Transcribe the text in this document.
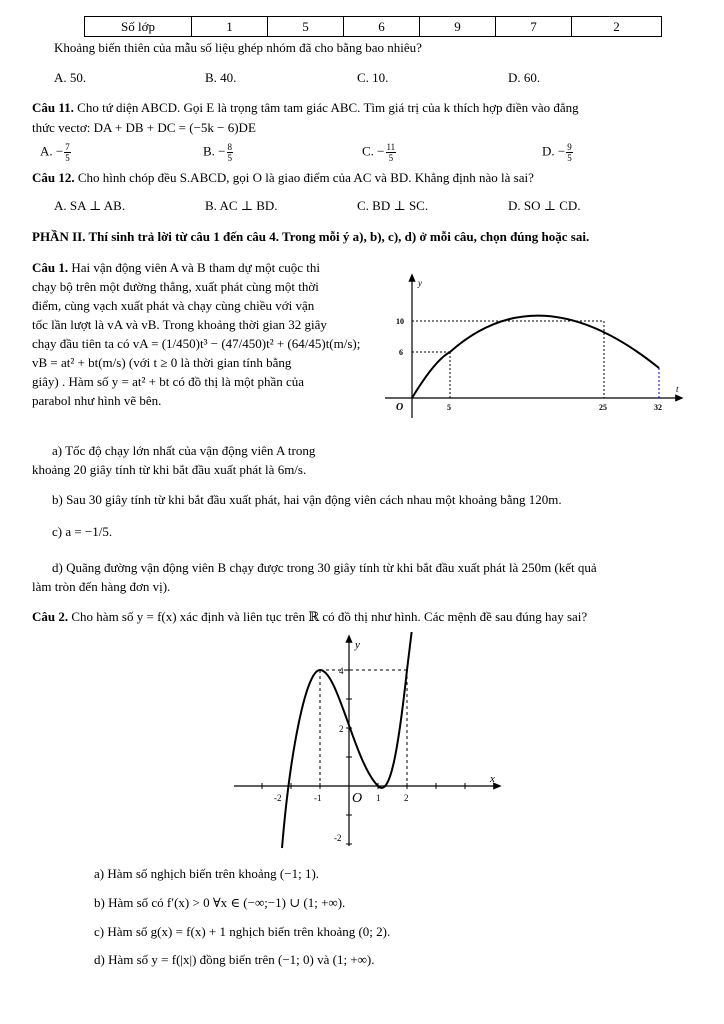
Số lớp	1	5	6	9	7	2
Khoảng biến thiên của mẫu số liệu ghép nhóm đã cho bằng bao nhiêu?
A. 50.	B. 40.	C. 10.	D. 60.
Câu 11. Cho tứ diện ABCD. Gọi E là trọng tâm tam giác ABC. Tìm giá trị của k thích hợp điền vào đẳng
thức vectơ: DA + DB + DC = (−5k − 6)DE
A. − $\frac{7}{5}$	B. − $\frac{8}{5}$	C. − $\frac{11}{5}$	D. − $\frac{9}{5}$
Câu 12. Cho hình chóp đều S.ABCD, gọi O là giao điểm của AC và BD. Khẳng định nào là sai?
A. SA ⊥ AB.	B. AC ⊥ BD.	C. BD ⊥ SC.	D. SO ⊥ CD.
PHẦN II. Thí sinh trả lời từ câu 1 đến câu 4. Trong mỗi ý a), b), c), d) ở mỗi câu, chọn đúng hoặc sai.
Câu 1. Hai vận động viên A và B tham dự một cuộc thi
chạy bộ trên một đường thẳng, xuất phát cùng một thời
điểm, cùng vạch xuất phát và chạy cùng chiều với vận
tốc lần lượt là vA và vB. Trong khoảng thời gian 32 giây
chạy đầu tiên ta có vA = (1/450)t³ − (47/450)t² + (64/45)t(m/s);
vB = at² + bt(m/s) (với t ≥ 0 là thời gian tính bằng
giây) . Hàm số y = at² + bt có đồ thị là một phần của
parabol như hình vẽ bên.
y
t
O
10
6
5	25	32
a) Tốc độ chạy lớn nhất của vận động viên A trong
khoảng 20 giây tính từ khi bắt đầu xuất phát là 6m/s.
b) Sau 30 giây tính từ khi bắt đầu xuất phát, hai vận động viên cách nhau một khoảng bằng 120m.
c) a = −1/5.
d) Quãng đường vận động viên B chạy được trong 30 giây tính từ khi bắt đầu xuất phát là 250m (kết quả
làm tròn đến hàng đơn vị).
Câu 2. Cho hàm số y = f(x) xác định và liên tục trên ℝ có đồ thị như hình. Các mệnh đề sau đúng hay sai?
y
x
O
-2	-1	1	2
4
2
-2
a) Hàm số nghịch biến trên khoảng (−1; 1).
b) Hàm số có f′(x) > 0 ∀x ∈ (−∞;−1) ∪ (1; +∞).
c) Hàm số g(x) = f(x) + 1 nghịch biến trên khoảng (0; 2).
d) Hàm số y = f(|x|) đồng biến trên (−1; 0) và (1; +∞).
